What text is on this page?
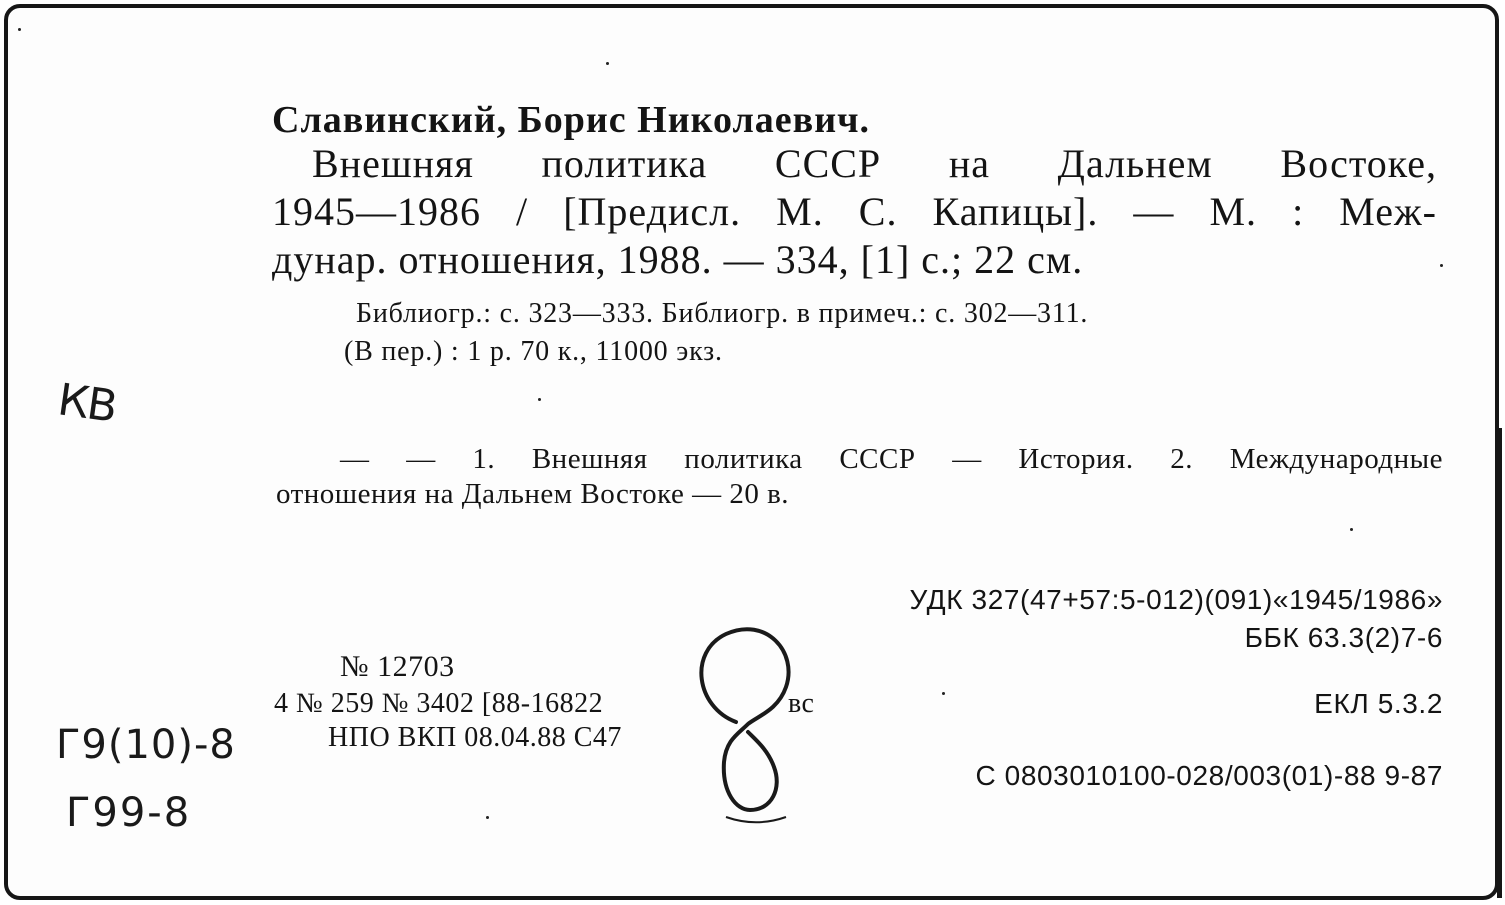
Славинский, Борис Николаевич.
Внешняя политика СССР на Дальнем Востоке,
1945—1986 / [Предисл. М. С. Капицы]. — М. : Меж-
дунар. отношения, 1988. — 334, [1] с.; 22 см.
Библиогр.: с. 323—333. Библиогр. в примеч.: с. 302—311.
(В пер.) : 1 р. 70 к., 11000 экз.
— — 1. Внешняя политика СССР — История. 2. Международные
отношения на Дальнем Востоке — 20 в.
УДК 327(47+57:5-012)(091)«1945/1986»
ББК 63.3(2)7-6
ЕКЛ 5.3.2
С 0803010100-028/003(01)-88 9-87
№ 12703
4 № 259 № 3402 [88-16822	вс
НПО ВКП 08.04.88 С47
КВ
Г9(10)-8
Г99-8
